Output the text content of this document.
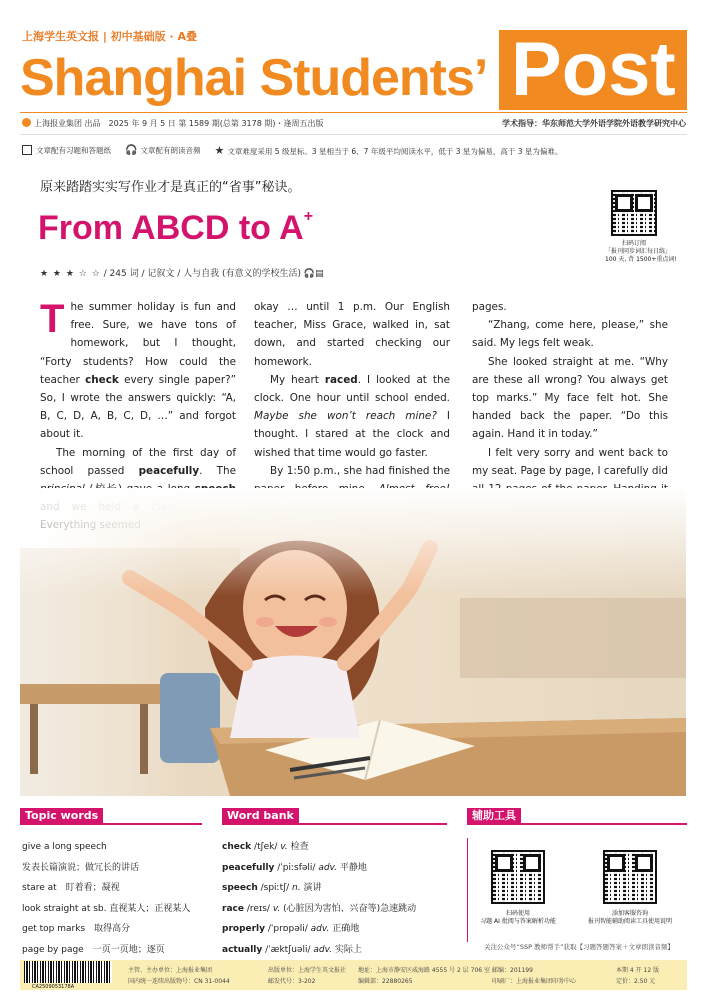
上海学生英文报 | 初中基础版 · A叠
Shanghai Students’ Post
上海报业集团 出品　2025 年 9 月 5 日 第 1589 期(总第 3178 期)・逢周五出版	学术指导：华东师范大学外语学院外语教学研究中心
文章配有习题和答题纸 🎧 文章配有朗读音频 ★ 文章难度采用 5 级星标。3 星相当于 6、7 年级平均阅读水平，低于 3 星为偏易，高于 3 星为偏难。
原来踏踏实实写作业才是真正的“省事”秘诀。
From ABCD to A+
扫码订阅
「报刊同步词汇每日练」
100 天, 背 1500+重点词!
★ ★ ★ ☆ ☆ / 245 词 / 记叙文 / 人与自我 (有意义的学校生活) 🎧▤

The summer holiday is fun and free. Sure, we have tons of homework, but I thought, “Forty students? How could the teacher check every single paper?” So, I wrote the answers quickly: “A, B, C, D, A, B, C, D, …” and forgot about it.

The morning of the first day of school passed peacefully. The

okay … until 1 p.m. Our English teacher, Miss Grace, walked in, sat down, and started checking our homework.

My heart raced. I looked at the clock. One hour until school ended. Maybe she won’t reach mine? I thought. I stared at the clock and wished that time would go faster.

By 1:50 p.m., she had finished the

pages.

“Zhang, come here, please,” she said. My legs felt weak.

She looked straight at me. “Why are these all wrong? You always get top marks.” My face felt hot. She handed back the paper. “Do this again. Hand it in today.”

I felt very sorry and went back to my seat. Page by page, I carefully did

Topic words	Word bank	辅助工具
give a long speech
发表长篇演说；做冗长的讲话
stare at　盯着看；凝视
look straight at sb. 直视某人；正视某人
get top marks　取得高分
page by page　一页一页地；逐页
check /tʃek/ v. 检查
peacefully /ˈpiːsfəli/ adv. 平静地
speech /spiːtʃ/ n. 演讲
race /reɪs/ v. (心脏因为害怕、兴奋等)急速跳动
properly /ˈprɒpəli/ adv. 正确地
actually /ˈæktʃuəli/ adv. 实际上
扫码使用
习题 AI 批阅与答案解析功能
添加客服咨询
报刊智能辅助阅读工具使用说明
关注公众号“SSP 教师帮手”获取【习题答题答案＋文章朗读音频】
CA2509053178A
主管、主办单位：上海报业集团
国内统一连续出版物号：CN 31-0044
出版单位：上海学生英文报社
邮发代号：3-202
地址：上海市静安区威海路 4555 号 2 层 706 室
编辑部：22880265
邮编：201199
印刷厂：上海报业集团印务中心
本期 4 开 12 版
定价：2.50 元
